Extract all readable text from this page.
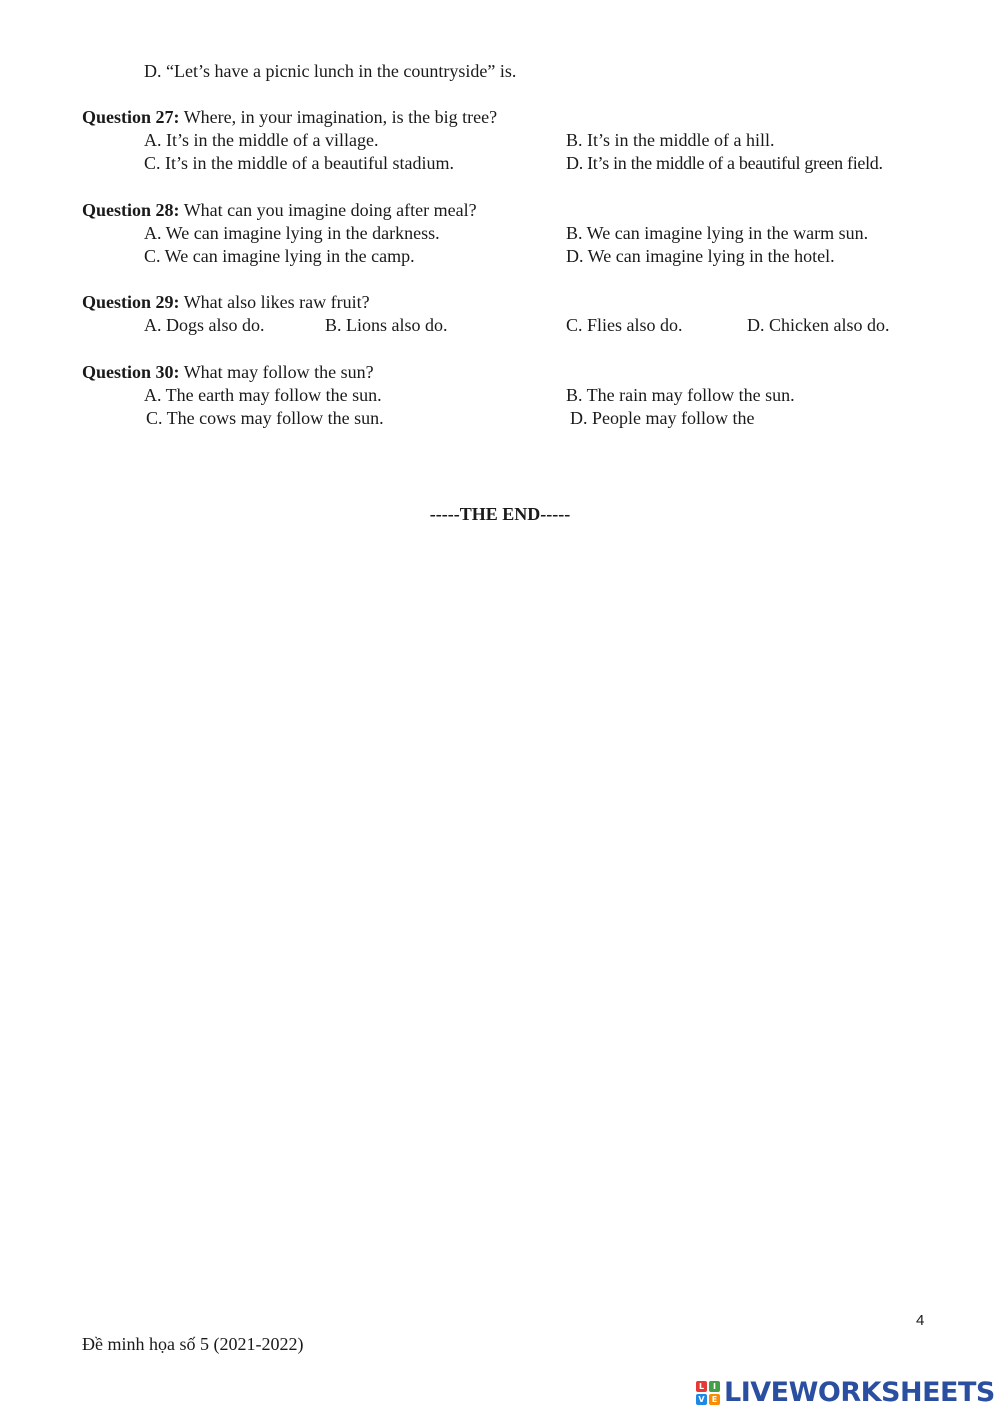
D. “Let’s have a picnic lunch in the countryside” is.
Question 27: Where, in your imagination, is the big tree?
A. It’s in the middle of a village.	B. It’s in the middle of a hill.
C. It’s in the middle of a beautiful stadium.	D. It’s in the middle of a beautiful green field.
Question 28: What can you imagine doing after meal?
A. We can imagine lying in the darkness.	B. We can imagine lying in the warm sun.
C. We can imagine lying in the camp.	D. We can imagine lying in the hotel.
Question 29: What also likes raw fruit?
A. Dogs also do.	B. Lions also do.	C. Flies also do.	D. Chicken also do.
Question 30: What may follow the sun?
A. The earth may follow the sun.	B. The rain may follow the sun.
C. The cows may follow the sun.	D. People may follow the
-----THE END-----
4
Đề minh họa số 5 (2021-2022)
L	I
V E LIVEWORKSHEETS
